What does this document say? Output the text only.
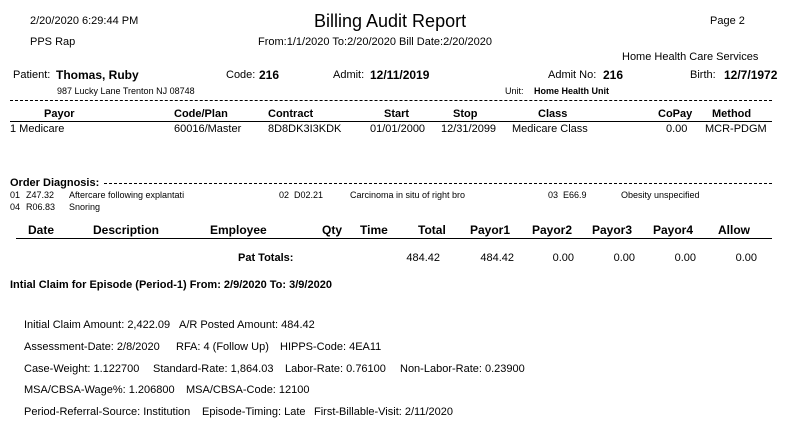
2/20/2020 6:29:44 PM
PPS Rap
Billing Audit Report
From:1/1/2020 To:2/20/2020 Bill Date:2/20/2020
Page 2
Home Health Care Services
Patient: Thomas, Ruby	Code: 216	Admit: 12/11/2019	Admit No: 216	Birth: 12/7/1972
987 Lucky Lane Trenton NJ 08748	Unit: Home Health Unit
Payor	Code/Plan	Contract	Start	Stop	Class	CoPay Method
1 Medicare	60016/Master 8D8DK3I3KDK	01/01/2000 12/31/2099 Medicare Class	0.00 MCR-PDGM
Order Diagnosis:
01 Z47.32 Aftercare following explantati	02 D02.21	Carcinoma in situ of right bro	03 E66.9	Obesity unspecified
04 R06.83 Snoring
Date	Description	Employee	Qty Time	Total Payor1 Payor2 Payor3 Payor4 Allow
Pat Totals:	484.42	484.42	0.00	0.00	0.00	0.00
Intial Claim for Episode (Period-1) From: 2/9/2020 To: 3/9/2020
Initial Claim Amount: 2,422.09 A/R Posted Amount: 484.42
Assessment-Date: 2/8/2020 RFA: 4 (Follow Up) HIPPS-Code: 4EA11
Case-Weight: 1.122700 Standard-Rate: 1,864.03 Labor-Rate: 0.76100 Non-Labor-Rate: 0.23900
MSA/CBSA-Wage%: 1.206800 MSA/CBSA-Code: 12100
Period-Referral-Source: Institution Episode-Timing: Late First-Billable-Visit: 2/11/2020
